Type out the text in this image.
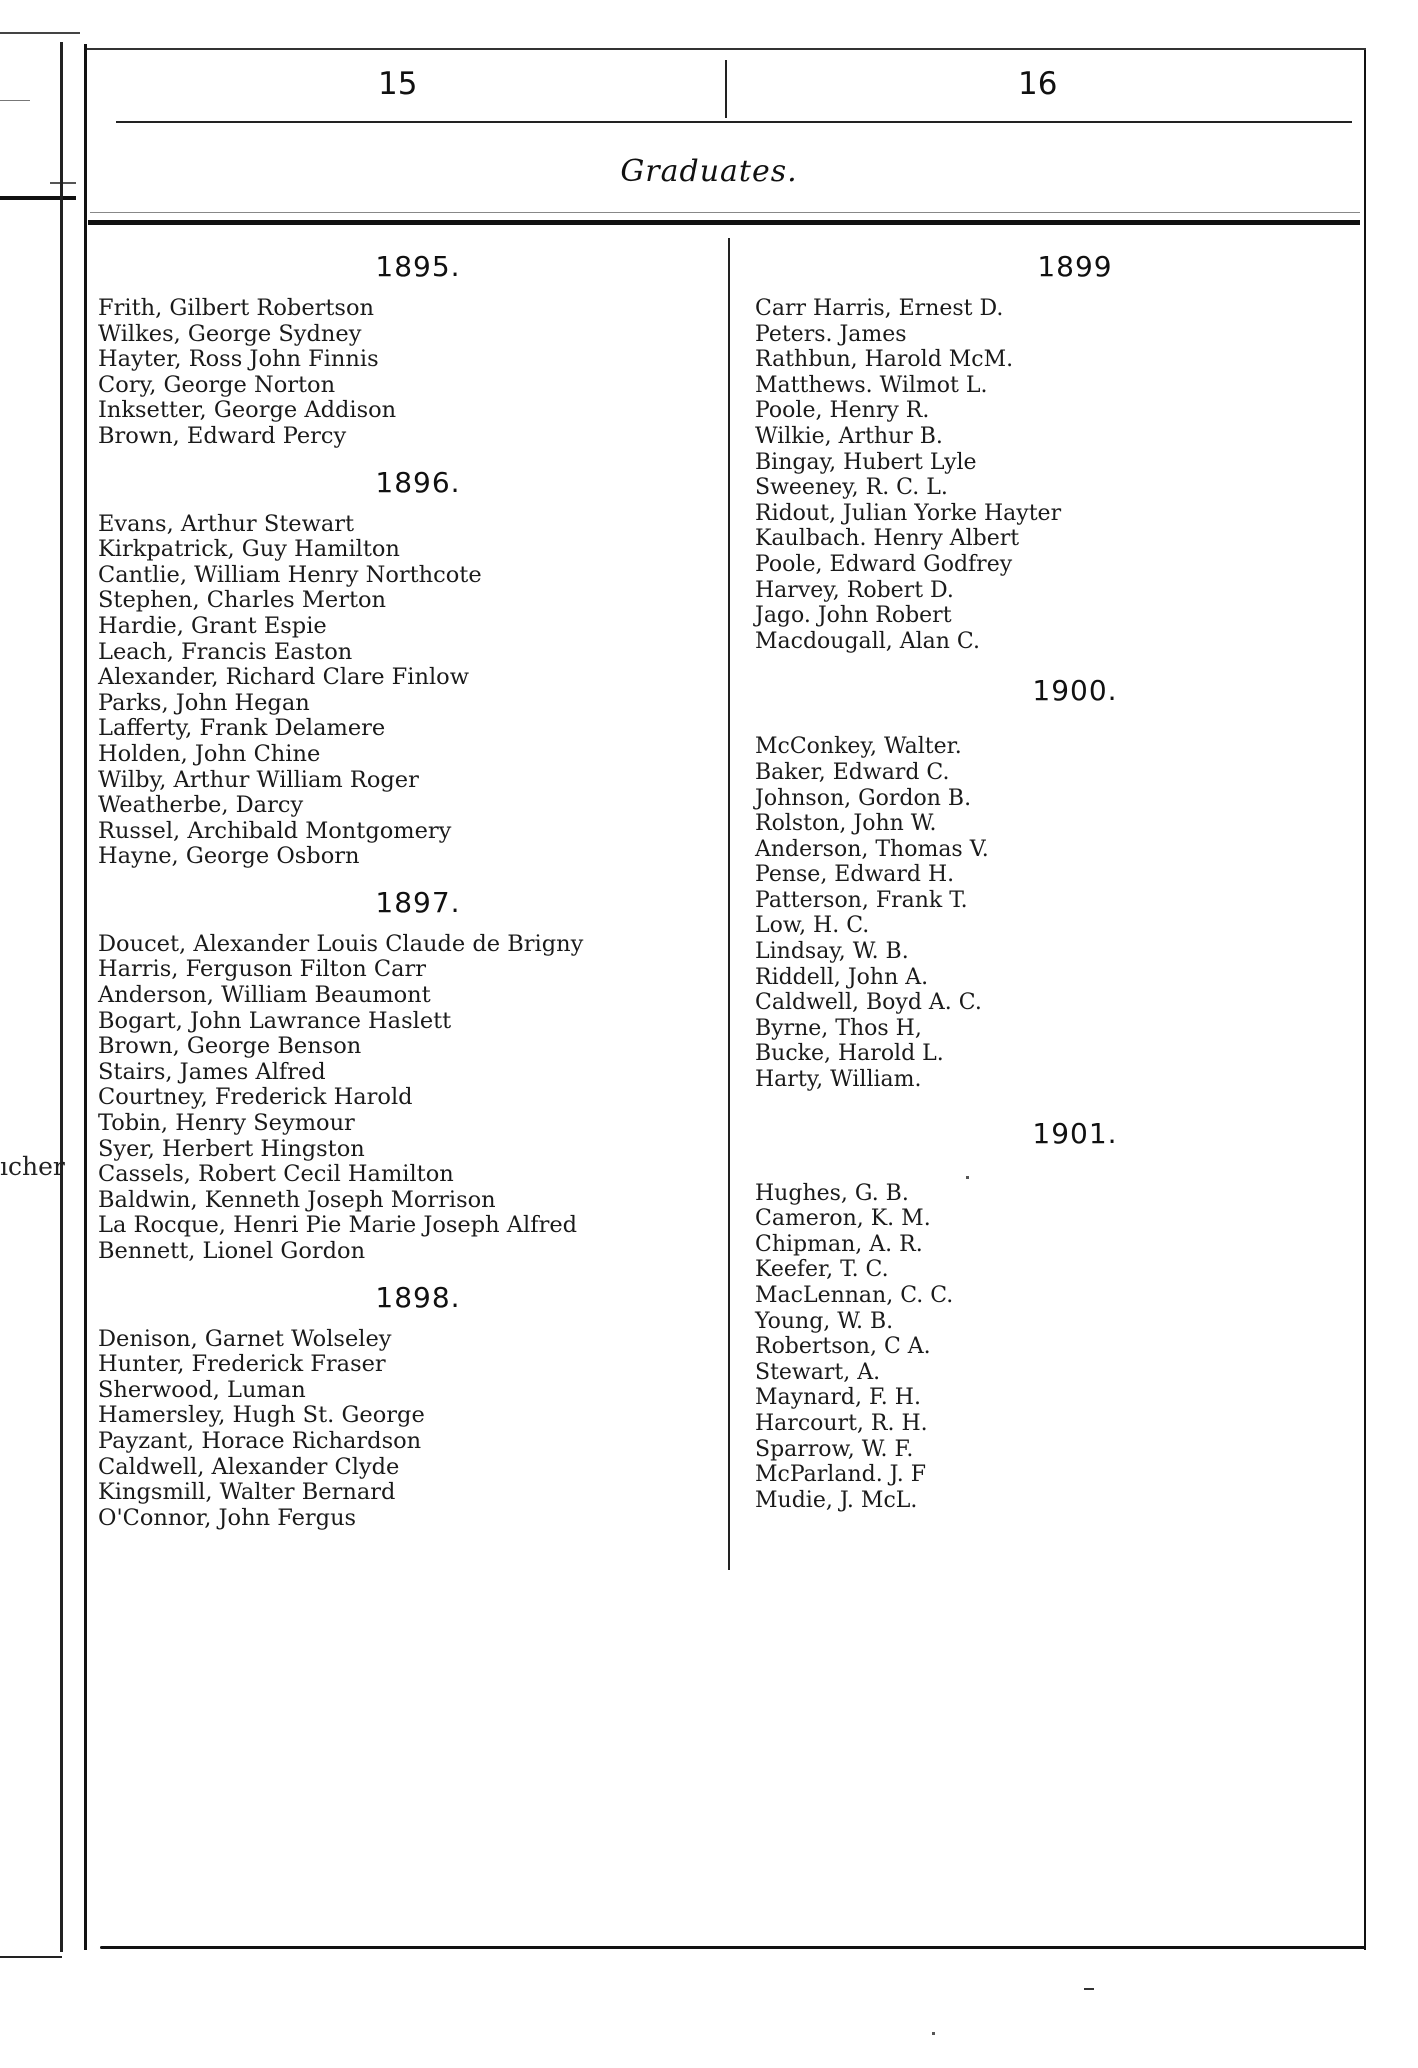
ıcher
15	16
Graduates.
1895.
Frith, Gilbert Robertson
Wilkes, George Sydney
Hayter, Ross John Finnis
Cory, George Norton
Inksetter, George Addison
Brown, Edward Percy
1896.
Evans, Arthur Stewart
Kirkpatrick, Guy Hamilton
Cantlie, William Henry Northcote
Stephen, Charles Merton
Hardie, Grant Espie
Leach, Francis Easton
Alexander, Richard Clare Finlow
Parks, John Hegan
Lafferty, Frank Delamere
Holden, John Chine
Wilby, Arthur William Roger
Weatherbe, Darcy
Russel, Archibald Montgomery
Hayne, George Osborn
1897.
Doucet, Alexander Louis Claude de Brigny
Harris, Ferguson Filton Carr
Anderson, William Beaumont
Bogart, John Lawrance Haslett
Brown, George Benson
Stairs, James Alfred
Courtney, Frederick Harold
Tobin, Henry Seymour
Syer, Herbert Hingston
Cassels, Robert Cecil Hamilton
Baldwin, Kenneth Joseph Morrison
La Rocque, Henri Pie Marie Joseph Alfred
Bennett, Lionel Gordon
1898.
Denison, Garnet Wolseley
Hunter, Frederick Fraser
Sherwood, Luman
Hamersley, Hugh St. George
Payzant, Horace Richardson
Caldwell, Alexander Clyde
Kingsmill, Walter Bernard
O'Connor, John Fergus
1899
Carr Harris, Ernest D.
Peters. James
Rathbun, Harold McM.
Matthews. Wilmot L.
Poole, Henry R.
Wilkie, Arthur B.
Bingay, Hubert Lyle
Sweeney, R. C. L.
Ridout, Julian Yorke Hayter
Kaulbach. Henry Albert
Poole, Edward Godfrey
Harvey, Robert D.
Jago. John Robert
Macdougall, Alan C.
1900.
McConkey, Walter.
Baker, Edward C.
Johnson, Gordon B.
Rolston, John W.
Anderson, Thomas V.
Pense, Edward H.
Patterson, Frank T.
Low, H. C.
Lindsay, W. B.
Riddell, John A.
Caldwell, Boyd A. C.
Byrne, Thos H,
Bucke, Harold L.
Harty, William.
1901.
Hughes, G. B.
Cameron, K. M.
Chipman, A. R.
Keefer, T. C.
MacLennan, C. C.
Young, W. B.
Robertson, C A.
Stewart, A.
Maynard, F. H.
Harcourt, R. H.
Sparrow, W. F.
McParland. J. F
Mudie, J. McL.
